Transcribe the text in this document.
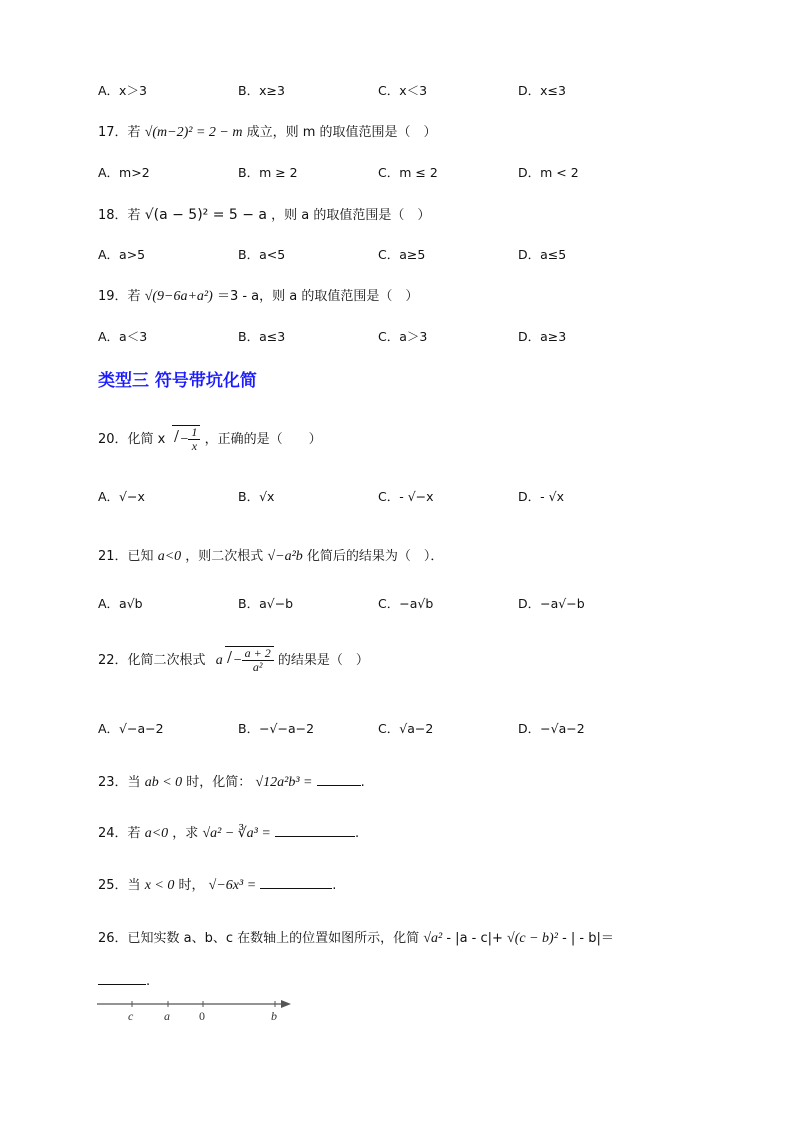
A．x＞3	B．x≥3	C．x＜3	D．x≤3
17．若 √(m−2)² = 2 − m 成立，则 m 的取值范围是（　）
A．m>2	B．m ≥ 2	C．m ≤ 2	D．m < 2
18．若 √(a − 5)² = 5 − a ，则 a 的取值范围是（　）
A．a>5	B．a<5	C．a≥5	D．a≤5
19．若 √(9−6a+a²) ＝3 - a，则 a 的取值范围是（　）
A．a＜3	B．a≤3	C．a＞3	D．a≥3
类型三 符号带坑化简
20．化简 $x - \frac{1}{x}$ ，正确的是（　　）
A．√−x	B．√x	C．- √−x	D．- √x
21．已知 a<0 ，则二次根式 √−a²b 化简后的结果为（　）．
A．a√b	B．a√−b	C．−a√b	D．−a√−b
22．化简二次根式 $a - \frac{a + 2}{\text{a²}}$ 的结果是（　）
A．√−a−2	B．−√−a−2	C．√a−2	D．−√a−2
23．当 ab < 0 时，化简： √12a²b³ =	.
24．若 a<0 ，求 √a² − ∛a³ =	.
25．当 x < 0 时， √−6x³ =	.
26．已知实数 a、b、c 在数轴上的位置如图所示，化简 √a² - |a - c|+ √(c − b)² - | - b|＝
.
c	a 0	b
